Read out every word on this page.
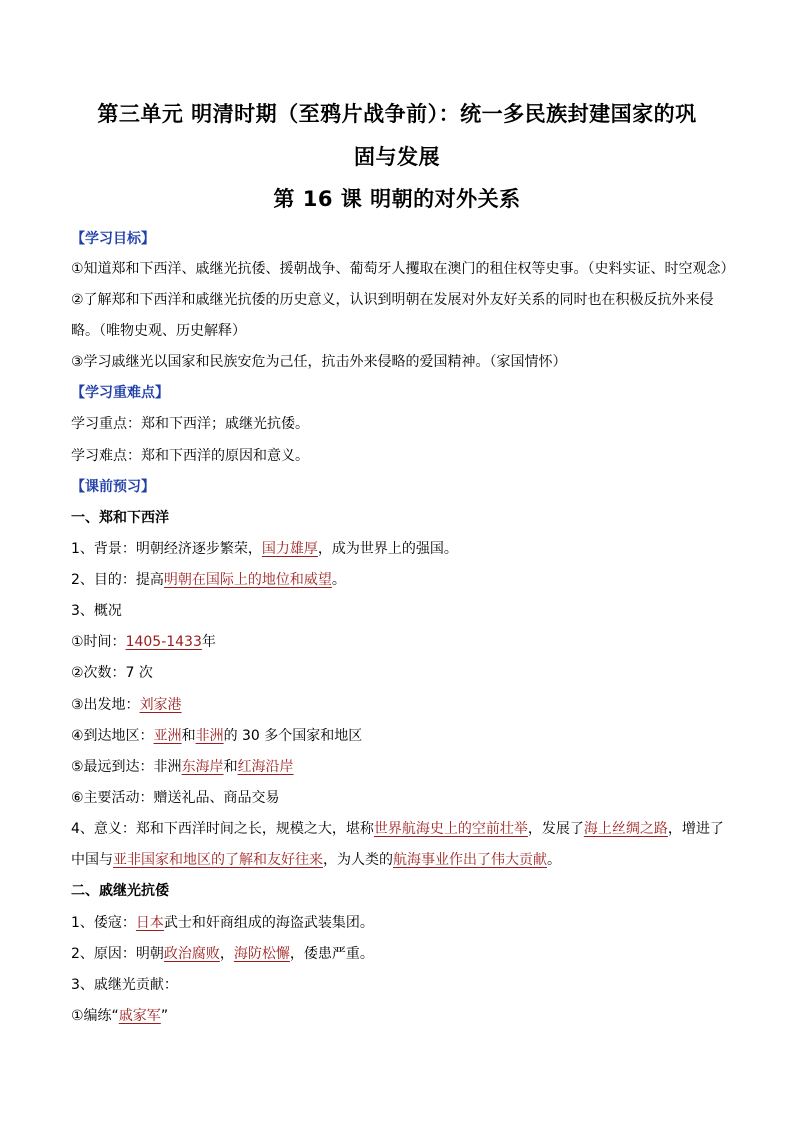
第三单元 明清时期（至鸦片战争前）：统一多民族封建国家的巩
固与发展
第 16 课 明朝的对外关系
【学习目标】
①知道郑和下西洋、戚继光抗倭、援朝战争、葡萄牙人攫取在澳门的租住权等史事。（史料实证、时空观念）
②了解郑和下西洋和戚继光抗倭的历史意义，认识到明朝在发展对外友好关系的同时也在积极反抗外来侵
略。（唯物史观、历史解释）
③学习戚继光以国家和民族安危为己任，抗击外来侵略的爱国精神。（家国情怀）
【学习重难点】
学习重点：郑和下西洋；戚继光抗倭。
学习难点：郑和下西洋的原因和意义。
【课前预习】
一、郑和下西洋
1、背景：明朝经济逐步繁荣，国力雄厚，成为世界上的强国。
2、目的：提高明朝在国际上的地位和威望。
3、概况
①时间：1405-1433年
②次数：7 次
③出发地：刘家港
④到达地区：亚洲和非洲的 30 多个国家和地区
⑤最远到达：非洲东海岸和红海沿岸
⑥主要活动：赠送礼品、商品交易
4、意义：郑和下西洋时间之长，规模之大，堪称世界航海史上的空前壮举，发展了海上丝绸之路，增进了
中国与亚非国家和地区的了解和友好往来，为人类的航海事业作出了伟大贡献。
二、戚继光抗倭
1、倭寇：日本武士和奸商组成的海盗武装集团。
2、原因：明朝政治腐败，海防松懈，倭患严重。
3、戚继光贡献：
①编练“戚家军”
